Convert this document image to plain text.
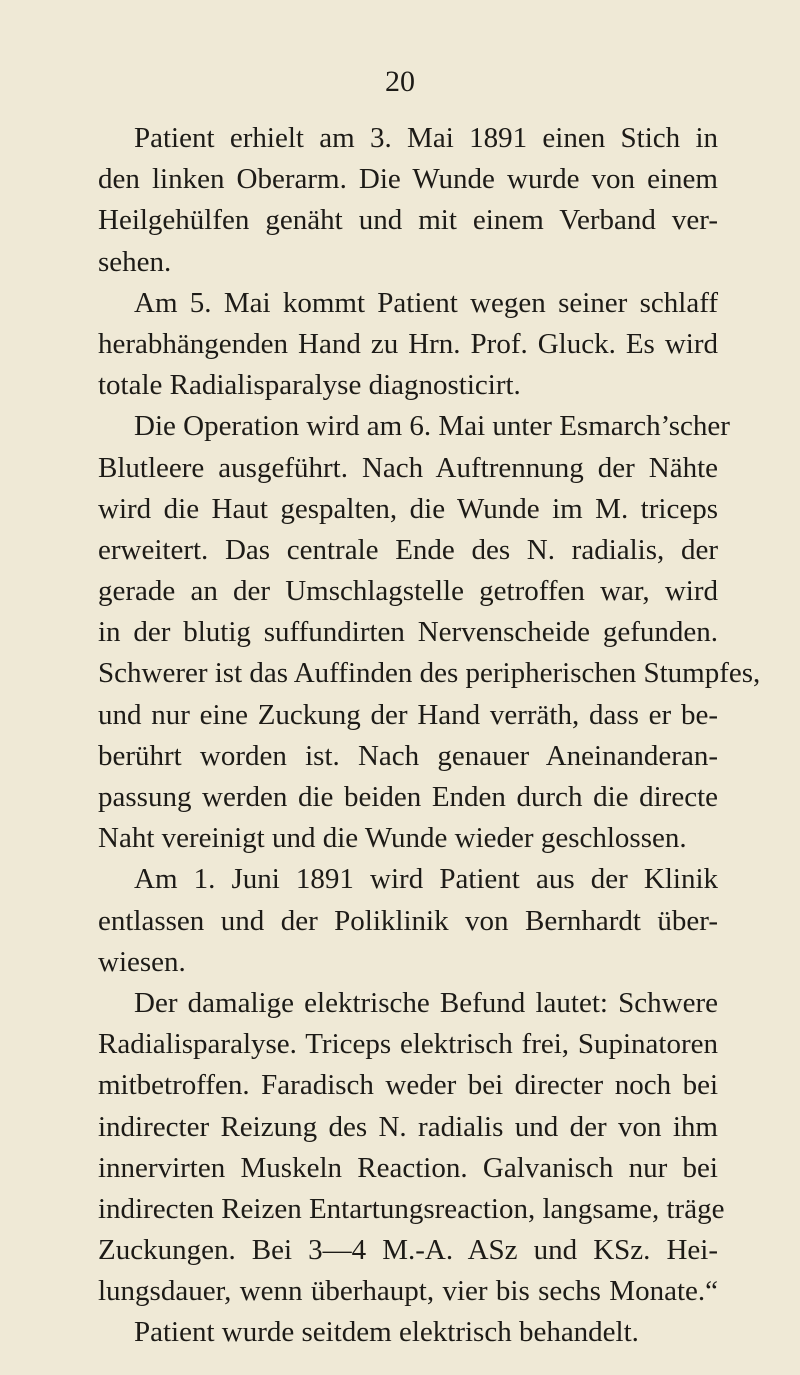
20
Patient erhielt am 3. Mai 1891 einen Stich in
den linken Oberarm. Die Wunde wurde von einem
Heilgehülfen genäht und mit einem Verband ver-
sehen.
Am 5. Mai kommt Patient wegen seiner schlaff
herabhängenden Hand zu Hrn. Prof. Gluck. Es wird
totale Radialisparalyse diagnosticirt.
Die Operation wird am 6. Mai unter Esmarch’scher
Blutleere ausgeführt. Nach Auftrennung der Nähte
wird die Haut gespalten, die Wunde im M. triceps
erweitert. Das centrale Ende des N. radialis, der
gerade an der Umschlagstelle getroffen war, wird
in der blutig suffundirten Nervenscheide gefunden.
Schwerer ist das Auffinden des peripherischen Stumpfes,
und nur eine Zuckung der Hand verräth, dass er be-
berührt worden ist. Nach genauer Aneinanderan-
passung werden die beiden Enden durch die directe
Naht vereinigt und die Wunde wieder geschlossen.
Am 1. Juni 1891 wird Patient aus der Klinik
entlassen und der Poliklinik von Bernhardt über-
wiesen.
Der damalige elektrische Befund lautet: Schwere
Radialisparalyse. Triceps elektrisch frei, Supinatoren
mitbetroffen. Faradisch weder bei directer noch bei
indirecter Reizung des N. radialis und der von ihm
innervirten Muskeln Reaction. Galvanisch nur bei
indirecten Reizen Entartungsreaction, langsame, träge
Zuckungen. Bei 3—4 M.-A. ASz und KSz. Hei-
lungsdauer, wenn überhaupt, vier bis sechs Monate.“
Patient wurde seitdem elektrisch behandelt.
